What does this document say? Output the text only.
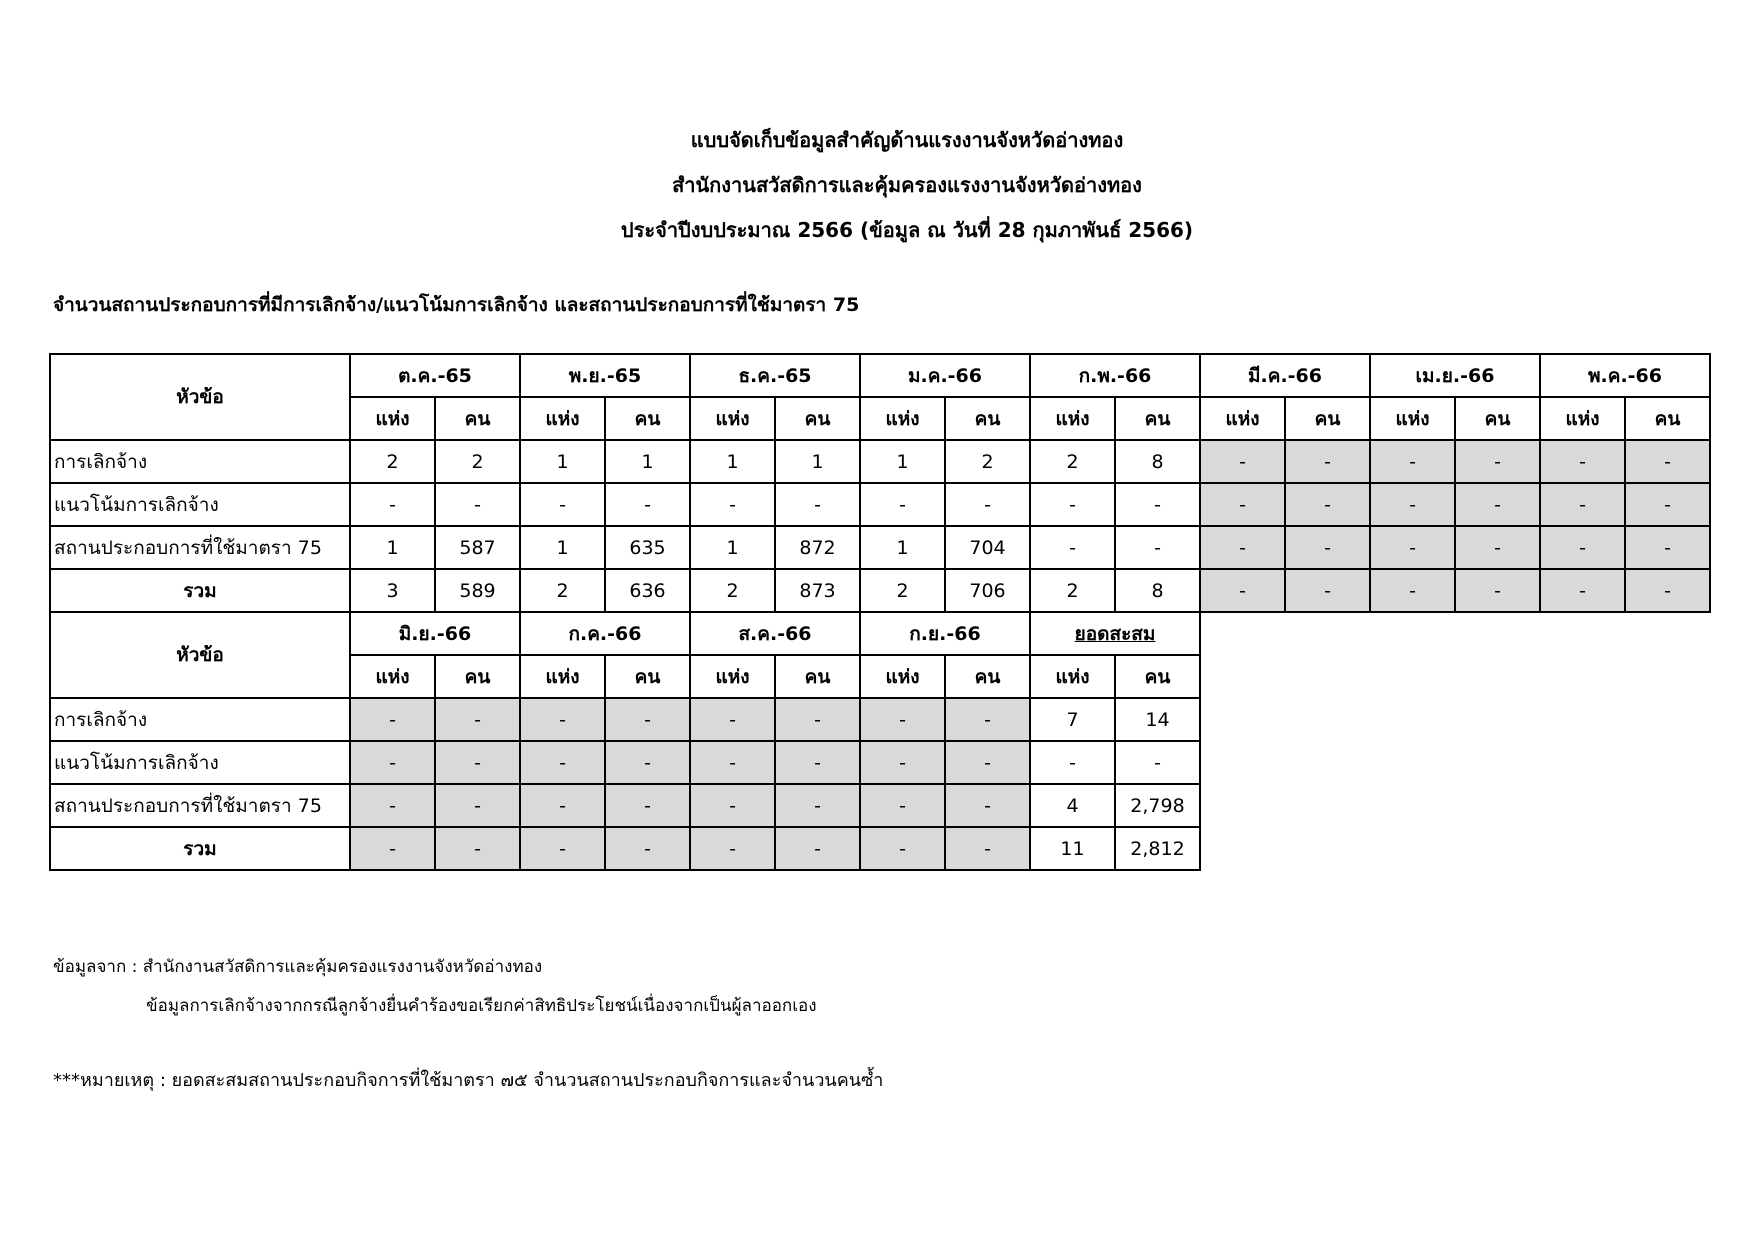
แบบจัดเก็บข้อมูลสำคัญด้านแรงงานจังหวัดอ่างทอง
สำนักงานสวัสดิการและคุ้มครองแรงงานจังหวัดอ่างทอง
ประจำปีงบประมาณ 2566 (ข้อมูล ณ วันที่ 28 กุมภาพันธ์ 2566)
จำนวนสถานประกอบการที่มีการเลิกจ้าง/แนวโน้มการเลิกจ้าง และสถานประกอบการที่ใช้มาตรา 75
หัวข้อ	ต.ค.-65		พ.ย.-65		ธ.ค.-65		ม.ค.-66		ก.พ.-66		มี.ค.-66		เม.ย.-66		พ.ค.-66	
	แห่ง	คน	แห่ง	คน	แห่ง	คน	แห่ง	คน	แห่ง	คน	แห่ง	คน	แห่ง	คน	แห่ง	คน
การเลิกจ้าง	2	2	1	1	1	1	1	2	2	8	-	-	-	-	-	-
แนวโน้มการเลิกจ้าง	-	-	-	-	-	-	-	-	-	-	-	-	-	-	-	-
สถานประกอบการที่ใช้มาตรา 75	1	587	1	635	1	872	1	704	-	-	-	-	-	-	-	-
รวม	3	589	2	636	2	873	2	706	2	8	-	-	-	-	-	-
หัวข้อ	มิ.ย.-66		ก.ค.-66		ส.ค.-66		ก.ย.-66		ยอดสะสม							
	แห่ง	คน	แห่ง	คน	แห่ง	คน	แห่ง	คน	แห่ง	คน						
การเลิกจ้าง	-	-	-	-	-	-	-	-	7	14						
แนวโน้มการเลิกจ้าง	-	-	-	-	-	-	-	-	-	-						
สถานประกอบการที่ใช้มาตรา 75	-	-	-	-	-	-	-	-	4	2,798						
รวม	-	-	-	-	-	-	-	-	11	2,812						
ข้อมูลจาก : สำนักงานสวัสดิการและคุ้มครองแรงงานจังหวัดอ่างทอง
ข้อมูลการเลิกจ้างจากกรณีลูกจ้างยื่นคำร้องขอเรียกค่าสิทธิประโยชน์เนื่องจากเป็นผู้ลาออกเอง
***หมายเหตุ : ยอดสะสมสถานประกอบกิจการที่ใช้มาตรา ๗๕ จำนวนสถานประกอบกิจการและจำนวนคนซ้ำ
